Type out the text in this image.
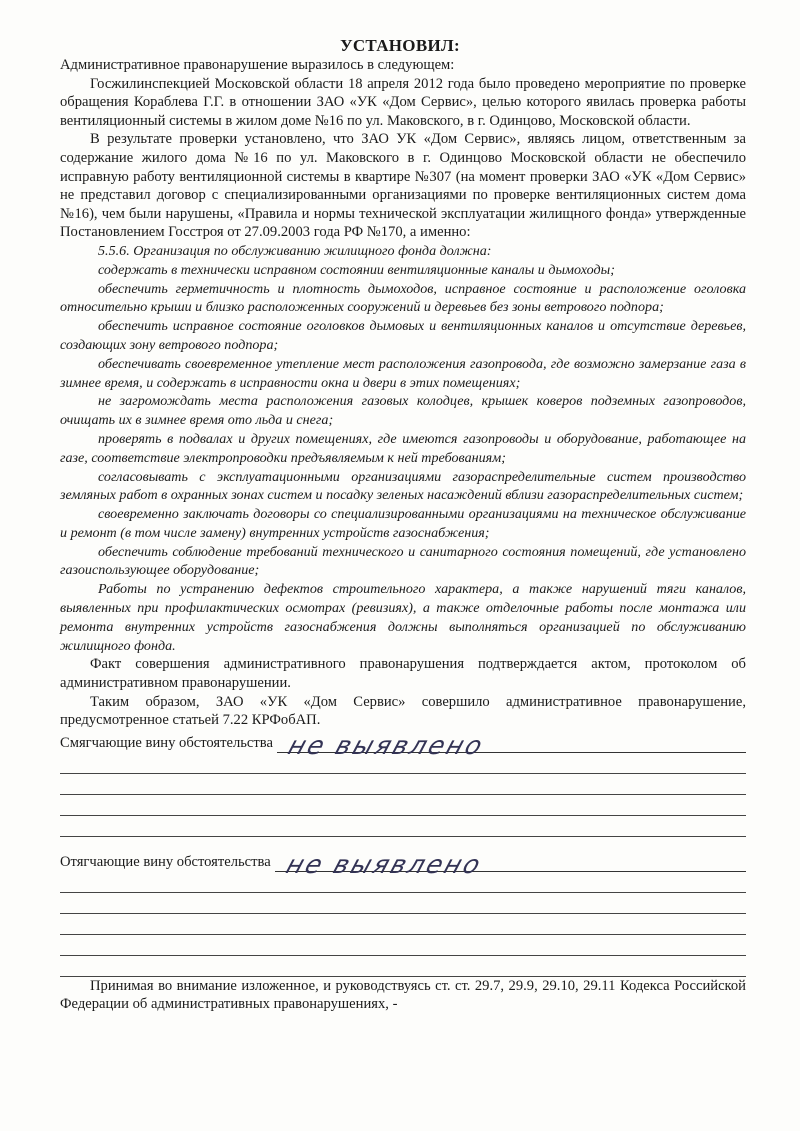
УСТАНОВИЛ:

Административное правонарушение выразилось в следующем:

Госжилинспекцией Московской области 18 апреля 2012 года было проведено мероприятие по проверке обращения Кораблева Г.Г. в отношении ЗАО «УК «Дом Сервис», целью которого явилась проверка работы вентиляционный системы в жилом доме №16 по ул. Маковского, в г. Одинцово, Московской области.

В результате проверки установлено, что ЗАО УК «Дом Сервис», являясь лицом, ответственным за содержание жилого дома №16 по ул. Маковского в г. Одинцово Московской области не обеспечило исправную работу вентиляционной системы в квартире №307 (на момент проверки ЗАО «УК «Дом Сервис» не представил договор с специализированными организациями по проверке вентиляционных систем дома №16), чем были нарушены, «Правила и нормы технической эксплуатации жилищного фонда» утвержденные Постановлением Госстроя от 27.09.2003 года РФ №170, а именно:

5.5.6. Организация по обслуживанию жилищного фонда должна:

содержать в технически исправном состоянии вентиляционные каналы и дымоходы;

обеспечить герметичность и плотность дымоходов, исправное состояние и расположение оголовка относительно крыши и близко расположенных сооружений и деревьев без зоны ветрового подпора;

обеспечить исправное состояние оголовков дымовых и вентиляционных каналов и отсутствие деревьев, создающих зону ветрового подпора;

обеспечивать своевременное утепление мест расположения газопровода, где возможно замерзание газа в зимнее время, и содержать в исправности окна и двери в этих помещениях;

не загромождать места расположения газовых колодцев, крышек коверов подземных газопроводов, очищать их в зимнее время ото льда и снега;

проверять в подвалах и других помещениях, где имеются газопроводы и оборудование, работающее на газе, соответствие электропроводки предъявляемым к ней требованиям;

согласовывать с эксплуатационными организациями газораспределительные систем производство земляных работ в охранных зонах систем и посадку зеленых насаждений вблизи газораспределительных систем;

своевременно заключать договоры со специализированными организациями на техническое обслуживание и ремонт (в том числе замену) внутренних устройств газоснабжения;

обеспечить соблюдение требований технического и санитарного состояния помещений, где установлено газоиспользующее оборудование;

Работы по устранению дефектов строительного характера, а также нарушений тяги каналов, выявленных при профилактических осмотрах (ревизиях), а также отделочные работы после монтажа или ремонта внутренних устройств газоснабжения должны выполняться организацией по обслуживанию жилищного фонда.

Факт совершения административного правонарушения подтверждается актом, протоколом об административном правонарушении.

Таким образом, ЗАО «УК «Дом Сервис» совершило административное правонарушение, предусмотренное статьей 7.22 КРФобАП.

Смягчающие вину обстоятельства не выявлено
Отягчающие вину обстоятельства не выявлено

Принимая во внимание изложенное, и руководствуясь ст. ст. 29.7, 29.9, 29.10, 29.11 Кодекса Российской Федерации об административных правонарушениях, -
